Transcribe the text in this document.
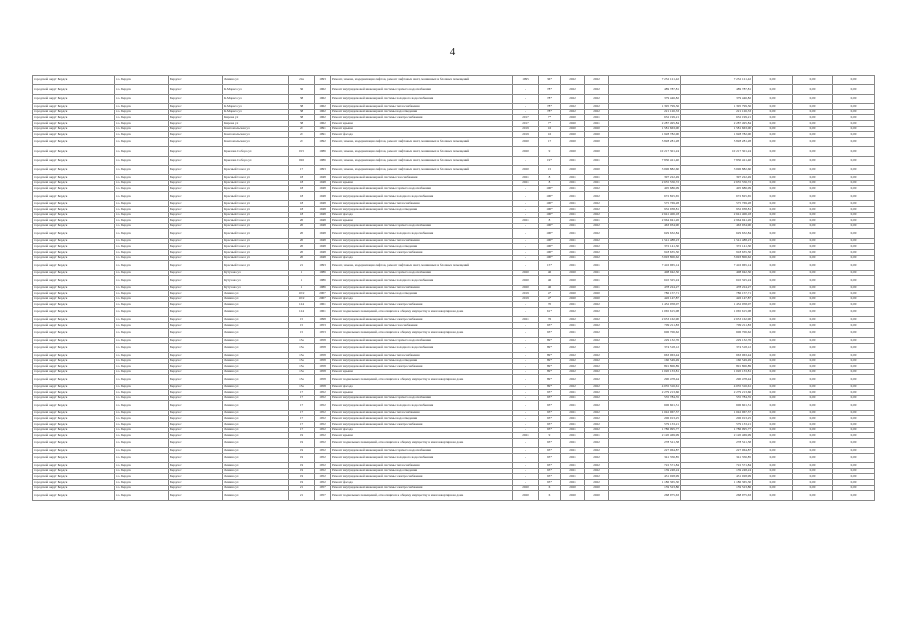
4
городской округ Бердск	г.о. Бердск	Бердск г	Ленина ул	21в	1993	Ремонт, замена, модернизация лифтов, ремонт лифтовых шахт, машинных и блочных помещений	1995	36*	2022	2022	7 252 121,42	7 252 121,42	0,00	0,00	0,00
городской округ Бердск	г.о. Бердск	Бердск г	К.Маркса ул	36	1962	Ремонт внутридомовой инженерной системы горячего водоснабжения	-	78*	2022	2022	489 787,81	489 787,81	0,00	0,00	0,00
городской округ Бердск	г.о. Бердск	Бердск г	К.Маркса ул	38	1962	Ремонт внутридомовой инженерной системы холодного водоснабжения	-	78*	2022	2022	379 446,82	379 446,82	0,00	0,00	0,00
городской округ Бердск	г.о. Бердск	Бердск г	К.Маркса ул	38	1962	Ремонт внутридомовой инженерной системы теплоснабжения	-	78*	2022	2022	1 395 799,56	1 395 799,56	0,00	0,00	0,00
городской округ Бердск	г.о. Бердск	Бердск г	К.Маркса ул	38	1962	Ремонт внутридомовой инженерной системы водоотведения	-	78*	2022	2022	221 126,33	221 126,33	0,00	0,00	0,00
городской округ Бердск	г.о. Бердск	Бердск г	Кирова ул	38	1962	Ремонт внутридомовой инженерной системы электроснабжения	2017	7*	2020	2021	632 199,21	632 199,21	0,00	0,00	0,00
городской округ Бердск	г.о. Бердск	Бердск г	Кирова ул	38	1962	Ремонт крыши	2017	7*	2020	2021	2 287 495,84	2 287 495,84	0,00	0,00	0,00
городской округ Бердск	г.о. Бердск	Бердск г	Комсомольская ул	2г	1991	Ремонт крыши	2019	16	2020	2020	1 581 663,00	1 581 663,00	0,00	0,00	0,00
городской округ Бердск	г.о. Бердск	Бердск г	Комсомольская ул	2г	1991	Ремонт фасада	2019	16	2020	2020	1 928 782,00	1 928 782,00	0,00	0,00	0,00
городской округ Бердск	г.о. Бердск	Бердск г	Комсомольская ул	2г	1992	Ремонт, замена, модернизация лифтов, ремонт лифтовых шахт, машинных и блочных помещений	2020	17	2020	2020	5 828 281,28	5 828 281,28	0,00	0,00	0,00
городской округ Бердск	г.о. Бердск	Бердск г	Крылова Собора ул	015	1986	Ремонт, замена, модернизация лифтов, ремонт лифтовых шахт, машинных и блочных помещений	2020	9	2020	2020	10 217 301,24	10 217 301,24	0,00	0,00	0,00
городской округ Бердск	г.о. Бердск	Бердск г	Крылова Собора ул	026	1986	Ремонт, замена, модернизация лифтов, ремонт лифтовых шахт, машинных и блочных помещений	-	19*	2021	2021	7 830 421,40	7 830 421,40	0,00	0,00	0,00
городской округ Бердск	г.о. Бердск	Бердск г	Красный Сокол ул	17	1993	Ремонт, замена, модернизация лифтов, ремонт лифтовых шахт, машинных и блочных помещений	2020	15	2020	2020	3 696 882,60	3 696 882,60	0,00	0,00	0,00
городской округ Бердск	г.о. Бердск	Бердск г	Красный Сокол ул	18	1948	Ремонт внутридомовой инженерной системы газоснабжения	2021	8	2021	2021	397 222,49	397 222,49	0,00	0,00	0,00
городской округ Бердск	г.о. Бердск	Бердск г	Красный Сокол ул	18	1948	Ремонт крыши	2021	8	2021	2021	2 655 556,72	2 655 556,72	0,00	0,00	0,00
городской округ Бердск	г.о. Бердск	Бердск г	Красный Сокол ул	18	1948	Ремонт внутридомовой инженерной системы горячего водоснабжения	-	100*	2021	2022	405 686,09	405 686,09	0,00	0,00	0,00
городской округ Бердск	г.о. Бердск	Бердск г	Красный Сокол ул	18	1948	Ремонт внутридомовой инженерной системы холодного водоснабжения	-	100*	2021	2022	672 825,65	672 825,65	0,00	0,00	0,00
городской округ Бердск	г.о. Бердск	Бердск г	Красный Сокол ул	18	1948	Ремонт внутридомовой инженерной системы теплоснабжения	-	100*	2021	2022	575 769,28	575 769,28	0,00	0,00	0,00
городской округ Бердск	г.о. Бердск	Бердск г	Красный Сокол ул	18	1948	Ремонт внутридомовой инженерной системы водоотведения	-	100*	2021	2022	932 938,81	932 938,81	0,00	0,00	0,00
городской округ Бердск	г.о. Бердск	Бердск г	Красный Сокол ул	18	1948	Ремонт фасада	-	100*	2021	2022	2 641 406,18	2 641 406,18	0,00	0,00	0,00
городской округ Бердск	г.о. Бердск	Бердск г	Красный Сокол ул	20	1948	Ремонт крыши	2021	8	2021	2021	2 964 941,26	2 964 941,26	0,00	0,00	0,00
городской округ Бердск	г.о. Бердск	Бердск г	Красный Сокол ул	20	1948	Ремонт внутридомовой инженерной системы горячего водоснабжения	-	100*	2021	2022	463 934,90	463 934,90	0,00	0,00	0,00
городской округ Бердск	г.о. Бердск	Бердск г	Красный Сокол ул	20	1948	Ремонт внутридомовой инженерной системы холодного водоснабжения	-	100*	2021	2022	629 632,84	629 632,84	0,00	0,00	0,00
городской округ Бердск	г.о. Бердск	Бердск г	Красный Сокол ул	20	1948	Ремонт внутридомовой инженерной системы теплоснабжения	-	100*	2021	2022	1 541 488,23	1 541 488,23	0,00	0,00	0,00
городской округ Бердск	г.о. Бердск	Бердск г	Красный Сокол ул	20	1948	Ремонт внутридомовой инженерной системы водоотведения	-	100*	2021	2022	372 141,30	372 141,30	0,00	0,00	0,00
городской округ Бердск	г.о. Бердск	Бердск г	Красный Сокол ул	20	1948	Ремонт внутридомовой инженерной системы электроснабжения	-	100*	2021	2022	918 635,50	918 635,50	0,00	0,00	0,00
городской округ Бердск	г.о. Бердск	Бердск г	Красный Сокол ул	20	1948	Ремонт фасада	-	100*	2021	2022	3 693 806,62	3 693 806,62	0,00	0,00	0,00
городской округ Бердск	г.о. Бердск	Бердск г	Красный Сокол ул	21	1993	Ремонт, замена, модернизация лифтов, ремонт лифтовых шахт, машинных и блочных помещений	-	15*	2021	2021	7 416 965,14	7 416 965,14	0,00	0,00	0,00
городской округ Бердск	г.о. Бердск	Бердск г	Кутузова ул	1	1986	Ремонт внутридомовой инженерной системы горячего водоснабжения	2020	46	2020	2021	408 942,50	408 942,50	0,00	0,00	0,00
городской округ Бердск	г.о. Бердск	Бердск г	Кутузова ул	1	1986	Ремонт внутридомовой инженерной системы холодного водоснабжения	2020	46	2020	2021	610 325,24	610 325,24	0,00	0,00	0,00
городской округ Бердск	г.о. Бердск	Бердск г	Кутузова ул	1	1986	Ремонт внутридомовой инженерной системы теплоснабжения	2020	46	2020	2021	478 224,27	478 224,27	0,00	0,00	0,00
городской округ Бердск	г.о. Бердск	Бердск г	Ленина ул	10/2	2007	Ремонт внутридомовой инженерной системы водоотведения	2019	4*	2020	2020	786 157,71	786 157,71	0,00	0,00	0,00
городской округ Бердск	г.о. Бердск	Бердск г	Ленина ул	10/2	2007	Ремонт фасада	2019	4*	2020	2020	426 147,87	426 147,87	0,00	0,00	0,00
городской округ Бердск	г.о. Бердск	Бердск г	Ленина ул	124	1961	Ремонт внутридомовой инженерной системы электроснабжения	-	70	2021	2022	1 452 058,07	1 452 058,07	0,00	0,00	0,00
городской округ Бердск	г.о. Бердск	Бердск г	Ленина ул	124	1961	Ремонт подвальных помещений, относящихся к общему имуществу в многоквартирном доме	-	61*	2022	2022	1 065 615,08	1 065 615,08	0,00	0,00	0,00
городской округ Бердск	г.о. Бердск	Бердск г	Ленина ул	15	1998	Ремонт внутридомовой инженерной системы электроснабжения	2021	76	2022	2022	2 653 162,90	2 653 162,90	0,00	0,00	0,00
городской округ Бердск	г.о. Бердск	Бердск г	Ленина ул	15	1953	Ремонт внутридомовой инженерной системы газоснабжения	-	93*	2021	2022	709 211,83	709 211,83	0,00	0,00	0,00
городской округ Бердск	г.о. Бердск	Бердск г	Ленина ул	15	1953	Ремонт подвальных помещений, относящихся к общему имуществу в многоквартирном доме	-	93*	2021	2022	606 706,62	606 706,62	0,00	0,00	0,00
городской округ Бердск	г.о. Бердск	Бердск г	Ленина ул	15а	1958	Ремонт внутридомовой инженерной системы горячего водоснабжения	-	89*	2022	2022	229 132,76	229 132,76	0,00	0,00	0,00
городской округ Бердск	г.о. Бердск	Бердск г	Ленина ул	15а	1958	Ремонт внутридомовой инженерной системы холодного водоснабжения	-	89*	2022	2022	374 518,12	374 518,12	0,00	0,00	0,00
городской округ Бердск	г.о. Бердск	Бердск г	Ленина ул	15а	1958	Ремонт внутридомовой инженерной системы теплоснабжения	-	89*	2022	2022	663 063,44	663 063,44	0,00	0,00	0,00
городской округ Бердск	г.о. Бердск	Бердск г	Ленина ул	15а	1958	Ремонт внутридомовой инженерной системы водоотведения	-	89*	2022	2022	160 549,49	160 549,49	0,00	0,00	0,00
городской округ Бердск	г.о. Бердск	Бердск г	Ленина ул	15а	1958	Ремонт внутридомовой инженерной системы электроснабжения	-	89*	2022	2022	891 806,89	891 806,89	0,00	0,00	0,00
городской округ Бердск	г.о. Бердск	Бердск г	Ленина ул	15а	1958	Ремонт крыши	-	89*	2022	2022	1 020 133,81	1 020 133,81	0,00	0,00	0,00
городской округ Бердск	г.о. Бердск	Бердск г	Ленина ул	15а	1958	Ремонт подвальных помещений, относящихся к общему имуществу в многоквартирном доме	-	89*	2022	2022	290 478,44	290 478,44	0,00	0,00	0,00
городской округ Бердск	г.о. Бердск	Бердск г	Ленина ул	15а	1958	Ремонт фасада	-	89*	2022	2022	4 035 316,61	4 035 316,61	0,00	0,00	0,00
городской округ Бердск	г.о. Бердск	Бердск г	Ленина ул	17	1952	Ремонт крыши	-	93*	2021	2022	2 279 213,66	2 279 213,66	0,00	0,00	0,00
городской округ Бердск	г.о. Бердск	Бердск г	Ленина ул	17	1952	Ремонт внутридомовой инженерной системы горячего водоснабжения	-	93*	2021	2022	535 784,35	535 784,35	0,00	0,00	0,00
городской округ Бердск	г.о. Бердск	Бердск г	Ленина ул	17	1952	Ремонт внутридомовой инженерной системы холодного водоснабжения	-	93*	2021	2022	606 601,51	606 601,51	0,00	0,00	0,00
городской округ Бердск	г.о. Бердск	Бердск г	Ленина ул	17	1952	Ремонт внутридомовой инженерной системы теплоснабжения	-	93*	2021	2022	1 042 967,57	1 042 967,57	0,00	0,00	0,00
городской округ Бердск	г.о. Бердск	Бердск г	Ленина ул	17	1952	Ремонт внутридомовой инженерной системы водоотведения	-	93*	2021	2022	206 013,25	206 013,25	0,00	0,00	0,00
городской округ Бердск	г.о. Бердск	Бердск г	Ленина ул	17	1952	Ремонт внутридомовой инженерной системы электроснабжения	-	93*	2021	2022	579 133,21	579 133,21	0,00	0,00	0,00
городской округ Бердск	г.о. Бердск	Бердск г	Ленина ул	17	1952	Ремонт фасада	-	93*	2021	2022	1 786 095,77	1 786 095,77	0,00	0,00	0,00
городской округ Бердск	г.о. Бердск	Бердск г	Ленина ул	19	1952	Ремонт крыши	2021	9	2021	2021	2 120 469,99	2 120 469,99	0,00	0,00	0,00
городской округ Бердск	г.о. Бердск	Бердск г	Ленина ул	19	1952	Ремонт подвальных помещений, относящихся к общему имуществу в многоквартирном доме	-	93*	2021	2022	278 521,58	278 521,58	0,00	0,00	0,00
городской округ Бердск	г.о. Бердск	Бердск г	Ленина ул	19	1952	Ремонт внутридомовой инженерной системы горячего водоснабжения	-	93*	2021	2022	227 064,87	227 064,87	0,00	0,00	0,00
городской округ Бердск	г.о. Бердск	Бердск г	Ленина ул	19	1952	Ремонт внутридомовой инженерной системы холодного водоснабжения	-	93*	2021	2022	341 356,85	341 356,85	0,00	0,00	0,00
городской округ Бердск	г.о. Бердск	Бердск г	Ленина ул	19	1952	Ремонт внутридомовой инженерной системы теплоснабжения	-	93*	2021	2022	722 571,84	722 571,84	0,00	0,00	0,00
городской округ Бердск	г.о. Бердск	Бердск г	Ленина ул	19	1952	Ремонт внутридомовой инженерной системы водоотведения	-	93*	2021	2022	139 248,24	139 248,24	0,00	0,00	0,00
городской округ Бердск	г.о. Бердск	Бердск г	Ленина ул	19	1952	Ремонт внутридомовой инженерной системы электроснабжения	-	93*	2021	2022	431 028,99	431 028,99	0,00	0,00	0,00
городской округ Бердск	г.о. Бердск	Бердск г	Ленина ул	19	1952	Ремонт фасада	-	93*	2021	2022	1 186 365,30	1 186 365,30	0,00	0,00	0,00
городской округ Бердск	г.о. Бердск	Бердск г	Ленина ул	21	1957	Ремонт внутридомовой инженерной системы электроснабжения	2020	6	2020	2020	159 523,86	159 523,86	0,00	0,00	0,00
городской округ Бердск	г.о. Бердск	Бердск г	Ленина ул	21	1957	Ремонт подвальных помещений, относящихся к общему имуществу в многоквартирном доме	2020	6	2020	2020	268 975,63	268 975,63	0,00	0,00	0,00
